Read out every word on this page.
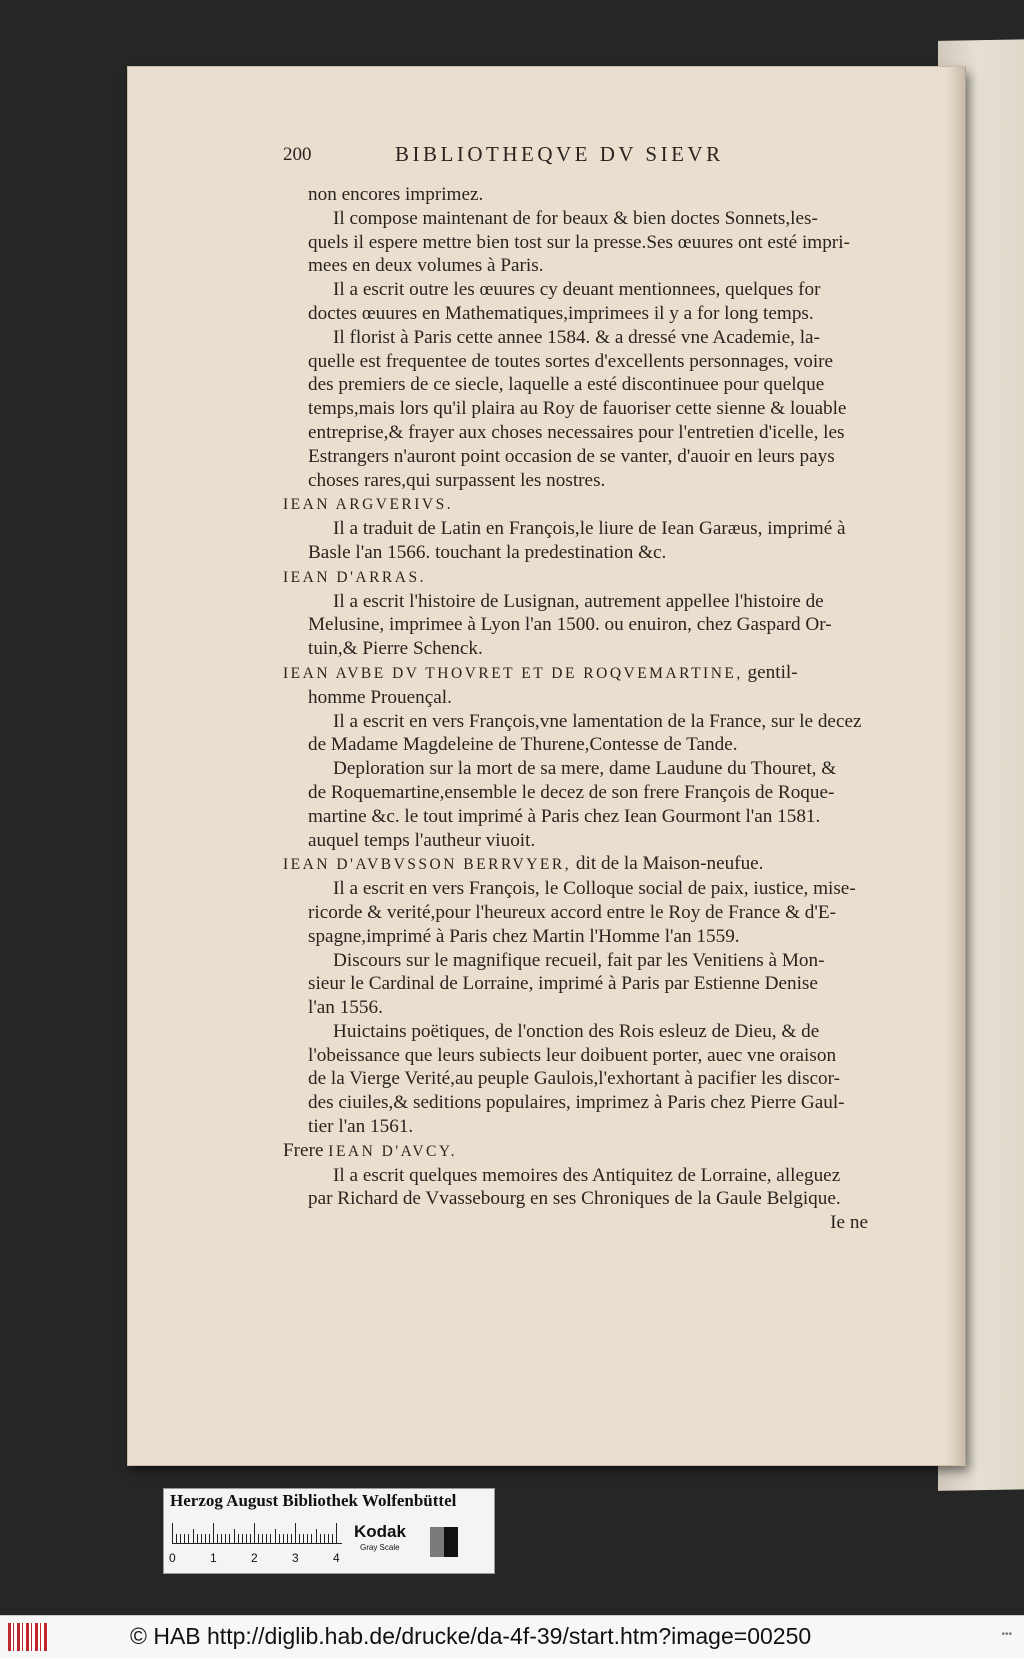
200	BIBLIOTHEQVE DV SIEVR
non encores imprimez.
Il compose maintenant de for beaux & bien doctes Sonnets,les-
quels il espere mettre bien tost sur la presse.Ses œuures ont esté impri-
mees en deux volumes à Paris.
Il a escrit outre les œuures cy deuant mentionnees, quelques for
doctes œuures en Mathematiques,imprimees il y a for long temps.
Il florist à Paris cette annee 1584. & a dressé vne Academie, la-
quelle est frequentee de toutes sortes d'excellents personnages, voire
des premiers de ce siecle, laquelle a esté discontinuee pour quelque
temps,mais lors qu'il plaira au Roy de fauoriser cette sienne & louable
entreprise,& frayer aux choses necessaires pour l'entretien d'icelle, les
Estrangers n'auront point occasion de se vanter, d'auoir en leurs pays
choses rares,qui surpassent les nostres.
IEAN ARGVERIVS.
Il a traduit de Latin en François,le liure de Iean Garæus, imprimé à
Basle l'an 1566. touchant la predestination &c.
IEAN D'ARRAS.
Il a escrit l'histoire de Lusignan, autrement appellee l'histoire de
Melusine, imprimee à Lyon l'an 1500. ou enuiron, chez Gaspard Or-
tuin,& Pierre Schenck.
IEAN AVBE DV THOVRET ET DE ROQVEMARTINE, gentil-
homme Prouençal.
Il a escrit en vers François,vne lamentation de la France, sur le decez
de Madame Magdeleine de Thurene,Contesse de Tande.
Deploration sur la mort de sa mere, dame Laudune du Thouret, &
de Roquemartine,ensemble le decez de son frere François de Roque-
martine &c. le tout imprimé à Paris chez Iean Gourmont l'an 1581.
auquel temps l'autheur viuoit.
IEAN D'AVBVSSON BERRVYER, dit de la Maison-neufue.
Il a escrit en vers François, le Colloque social de paix, iustice, mise-
ricorde & verité,pour l'heureux accord entre le Roy de France & d'E-
spagne,imprimé à Paris chez Martin l'Homme l'an 1559.
Discours sur le magnifique recueil, fait par les Venitiens à Mon-
sieur le Cardinal de Lorraine, imprimé à Paris par Estienne Denise
l'an 1556.
Huictains poëtiques, de l'onction des Rois esleuz de Dieu, & de
l'obeissance que leurs subiects leur doibuent porter, auec vne oraison
de la Vierge Verité,au peuple Gaulois,l'exhortant à pacifier les discor-
des ciuiles,& seditions populaires, imprimez à Paris chez Pierre Gaul-
tier l'an 1561.
Frere IEAN D'AVCY.
Il a escrit quelques memoires des Antiquitez de Lorraine, alleguez
par Richard de Vvassebourg en ses Chroniques de la Gaule Belgique.
Ie ne
Herzog August Bibliothek Wolfenbüttel
0	1	2	3	4
Kodak
Gray Scale
© HAB http://diglib.hab.de/drucke/da-4f-39/start.htm?image=00250	•••
